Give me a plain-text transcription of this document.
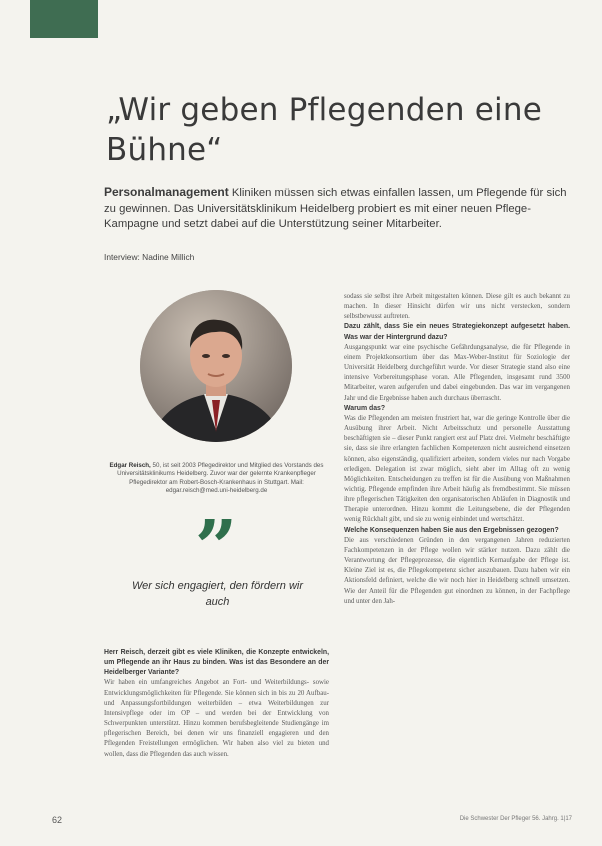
„Wir geben Pflegenden eine Bühne“

Personalmanagement Kliniken müssen sich etwas einfallen lassen, um Pflegende für sich zu gewinnen. Das Universitätsklinikum Heidelberg probiert es mit einer neuen Pflege-Kampagne und setzt dabei auf die Unterstützung seiner Mitarbeiter.

Interview: Nadine Millich

Edgar Reisch, 50, ist seit 2003 Pflegedirektor und Mitglied des Vorstands des Universitätsklinikums Heidelberg. Zuvor war der gelernte Krankenpfleger Pflegedirektor am Robert-Bosch-Krankenhaus in Stuttgart. Mail: edgar.reisch@med.uni-heidelberg.de

”

Wer sich engagiert, den fördern wir auch

Herr Reisch, derzeit gibt es viele Kliniken, die Konzepte entwickeln, um Pflegende an ihr Haus zu binden. Was ist das Besondere an der Heidelberger Variante?

Wir haben ein umfangreiches Angebot an Fort- und Weiterbildungs- sowie Entwicklungsmöglichkeiten für Pflegende. Sie können sich in bis zu 20 Aufbau- und Anpassungsfortbildungen weiterbilden – etwa Weiterbildungen zur Intensivpflege oder im OP – und werden bei der Entwicklung von Schwerpunkten unterstützt. Hinzu kommen berufsbegleitende Studiengänge im pflegerischen Bereich, bei denen wir uns finanziell engagieren und den Pflegenden Freistellungen ermöglichen. Wir haben also viel zu bieten und wollen, dass die Pflegenden das auch wissen.

sodass sie selbst ihre Arbeit mitgestalten können. Diese gilt es auch bekannt zu machen. In dieser Hinsicht dürfen wir uns nicht verstecken, sondern selbstbewusst auftreten.

Dazu zählt, dass Sie ein neues Strategiekonzept aufgesetzt haben. Was war der Hintergrund dazu?

Ausgangspunkt war eine psychische Gefährdungsanalyse, die für Pflegende in einem Projektkonsortium über das Max-Weber-Institut für Soziologie der Universität Heidelberg durchgeführt wurde. Vor dieser Strategie stand also eine intensive Vorbereitungsphase voran. Alle Pflegenden, insgesamt rund 3500 Mitarbeiter, waren aufgerufen und dabei eingebunden. Das war im vergangenen Jahr und die Ergebnisse haben auch durchaus überrascht.

Warum das?

Was die Pflegenden am meisten frustriert hat, war die geringe Kontrolle über die Ausübung ihrer Arbeit. Nicht Arbeitsschutz und personelle Ausstattung beschäftigten sie – dieser Punkt rangiert erst auf Platz drei. Vielmehr beschäftigte sie, dass sie ihre erlangten fachlichen Kompetenzen nicht ausreichend einsetzen können, also eigenständig, qualifiziert arbeiten, sondern vieles nur nach Vorgabe erledigen. Delegation ist zwar möglich, sieht aber im Alltag oft zu wenig Möglichkeiten. Entscheidungen zu treffen ist für die Ausübung von Maßnahmen wichtig. Pflegende empfinden ihre Arbeit häufig als fremdbestimmt. Sie müssen ihre pflegerischen Tätigkeiten den organisatorischen Abläufen in Diagnostik und Therapie unterordnen. Hinzu kommt die Leitungsebene, die der Pflegenden wenig Rückhalt gibt, und sie zu wenig einbindet und wertschätzt.

Welche Konsequenzen haben Sie aus den Ergebnissen gezogen?

Die aus verschiedenen Gründen in den vergangenen Jahren reduzierten Fachkompetenzen in der Pflege wollen wir stärker nutzen. Dazu zählt die Verantwortung der Pflegeprozesse, die eigentlich Kernaufgabe der Pflege ist. Kleine Ziel ist es, die Pflegekompetenz sicher auszubauen. Dazu haben wir ein Aktionsfeld definiert, welche die wir noch hier in Heidelberg schnell umsetzen. Wie der Anteil für die Pflegenden gut einordnen zu können, in der Fachpflege und unter den Jah-

62	Die Schwester Der Pfleger 56. Jahrg. 1|17
